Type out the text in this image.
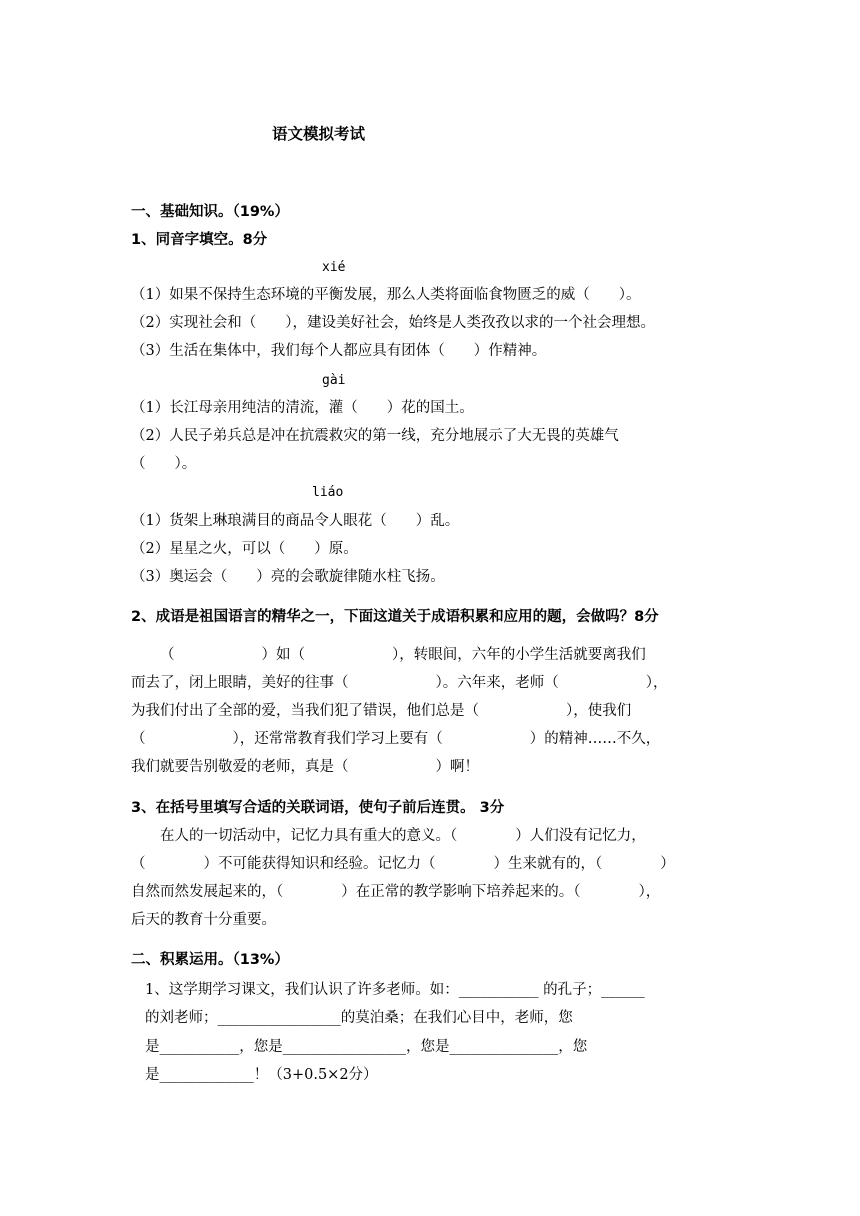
语文模拟考试
一、基础知识。（19%）
1、同音字填空。8分
xié
（1）如果不保持生态环境的平衡发展，那么人类将面临食物匮乏的威（　　）。
（2）实现社会和（　　），建设美好社会，始终是人类孜孜以求的一个社会理想。
（3）生活在集体中，我们每个人都应具有团体（　　）作精神。
gài
（1）长江母亲用纯洁的清流，灌（　　）花的国土。
（2）人民子弟兵总是冲在抗震救灾的第一线，充分地展示了大无畏的英雄气
（　　）。
liáo
（1）货架上琳琅满目的商品令人眼花（　　）乱。
（2）星星之火，可以（　　）原。
（3）奥运会（　　）亮的会歌旋律随水柱飞扬。
2、成语是祖国语言的精华之一，下面这道关于成语积累和应用的题，会做吗？8分
（　　　　　　）如（　　　　　　），转眼间，六年的小学生活就要离我们
而去了，闭上眼睛，美好的往事（　　　　　　）。六年来，老师（　　　　　　），
为我们付出了全部的爱，当我们犯了错误，他们总是（　　　　　　），使我们
（　　　　　　），还常常教育我们学习上要有（　　　　　　）的精神……不久，
我们就要告别敬爱的老师，真是（　　　　　　）啊！
3、在括号里填写合适的关联词语，使句子前后连贯。 3分
在人的一切活动中，记忆力具有重大的意义。（　　　　）人们没有记忆力，
（　　　　）不可能获得知识和经验。记忆力（　　　　）生来就有的，（　　　　）
自然而然发展起来的，（　　　　）在正常的教学影响下培养起来的。（　　　　），
后天的教育十分重要。
二、积累运用。（13%）
1、这学期学习课文，我们认识了许多老师。如：___________ 的孔子；______
的刘老师；_________________的莫泊桑；在我们心目中，老师，您
是___________，您是_________________，您是_______________，您
是_____________！（3+0.5×2分）
